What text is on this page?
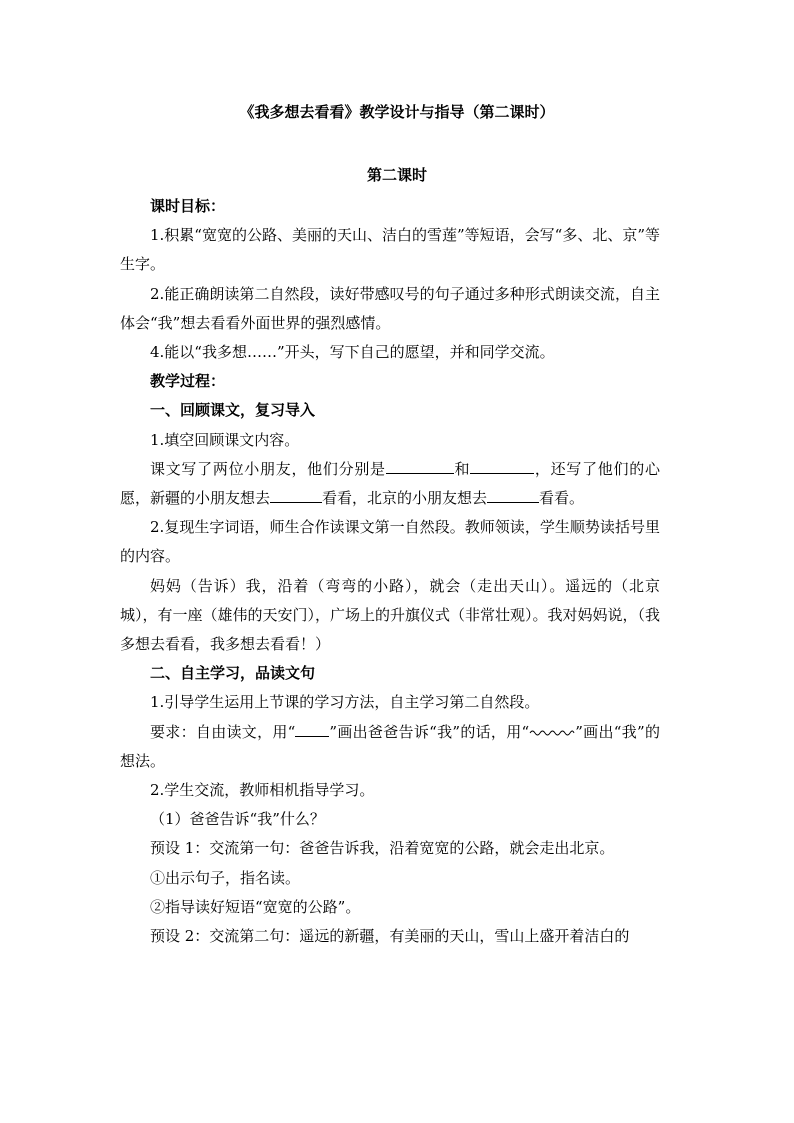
《我多想去看看》教学设计与指导（第二课时）
第二课时

课时目标：

1.积累“宽宽的公路、美丽的天山、洁白的雪莲”等短语，会写“多、北、京”等生字。

2.能正确朗读第二自然段，读好带感叹号的句子通过多种形式朗读交流，自主体会“我”想去看看外面世界的强烈感情。

4.能以“我多想……”开头，写下自己的愿望，并和同学交流。

教学过程：

一、回顾课文，复习导入

1.填空回顾课文内容。

课文写了两位小朋友，他们分别是	和	，还写了他们的心愿，新疆的小朋友想去	看看，北京的小朋友想去	看看。

2.复现生字词语，师生合作读课文第一自然段。教师领读，学生顺势读括号里的内容。

妈妈（告诉）我，沿着（弯弯的小路），就会（走出天山）。遥远的（北京城），有一座（雄伟的天安门），广场上的升旗仪式（非常壮观）。我对妈妈说，（我多想去看看，我多想去看看！）

二、自主学习，品读文句

1.引导学生运用上节课的学习方法，自主学习第二自然段。

要求：自由读文，用“ ”画出爸爸告诉“我”的话，用“	”画出“我”的想法。

2.学生交流，教师相机指导学习。

（1）爸爸告诉“我”什么？

预设 1：交流第一句：爸爸告诉我，沿着宽宽的公路，就会走出北京。

①出示句子，指名读。

②指导读好短语“宽宽的公路”。

预设 2：交流第二句：遥远的新疆，有美丽的天山，雪山上盛开着洁白的
